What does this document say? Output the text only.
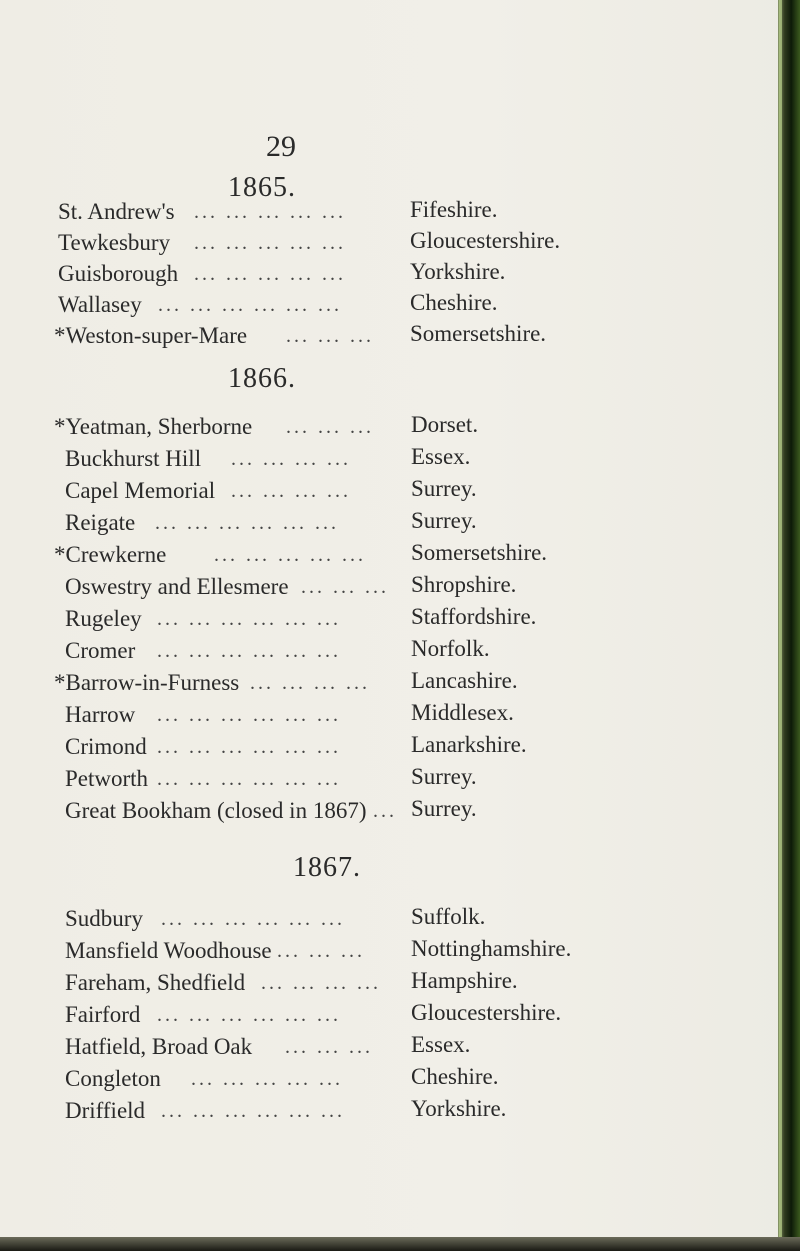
29
1865.
St. Andrew's ... ... ... ... ...	Fifeshire.
Tewkesbury ... ... ... ... ...	Gloucestershire.
Guisborough ... ... ... ... ...	Yorkshire.
Wallasey ... ... ... ... ... ...	Cheshire.
*Weston-super-Mare ... ... ... Somersetshire.
1866.
*Yeatman, Sherborne ... ... ... Dorset.
Buckhurst Hill ... ... ... ...	Essex.
Capel Memorial ... ... ... ...	Surrey.
Reigate ... ... ... ... ... ...	Surrey.
*Crewkerne ... ... ... ... ... Somersetshire.
Oswestry and Ellesmere ... ... ... Shropshire.
Rugeley ... ... ... ... ... ...	Staffordshire.
Cromer ... ... ... ... ... ...	Norfolk.
*Barrow-in-Furness ... ... ... ... Lancashire.
Harrow ... ... ... ... ... ...	Middlesex.
Crimond ... ... ... ... ... ...	Lanarkshire.
Petworth ... ... ... ... ... ...	Surrey.
Great Bookham (closed in 1867) ... Surrey.
1867.
Sudbury ... ... ... ... ... ...	Suffolk.
Mansfield Woodhouse ... ... ... Nottinghamshire.
Fareham, Shedfield ... ... ... ... Hampshire.
Fairford ... ... ... ... ... ...	Gloucestershire.
Hatfield, Broad Oak ... ... ... Essex.
Congleton ... ... ... ... ...	Cheshire.
Driffield ... ... ... ... ... ...	Yorkshire.
